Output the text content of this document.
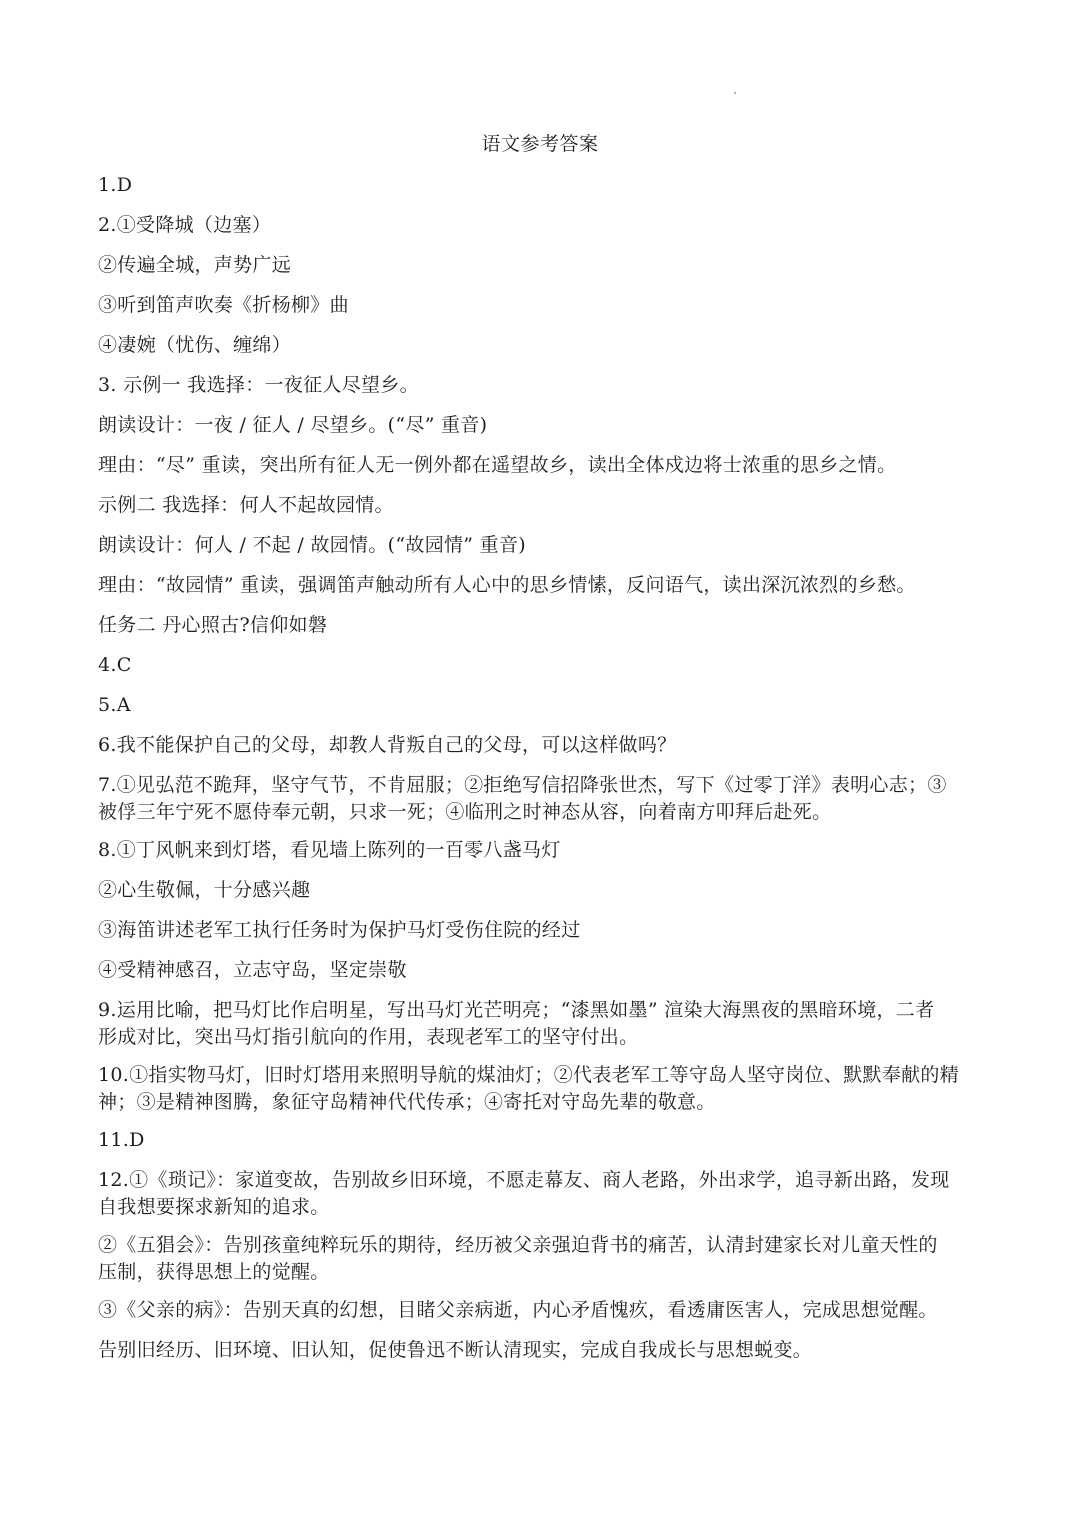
语文参考答案
1.D
2.①受降城（边塞）
②传遍全城，声势广远
③听到笛声吹奏《折杨柳》曲
④凄婉（忧伤、缠绵）
3. 示例一 我选择：一夜征人尽望乡。
朗读设计：一夜 / 征人 / 尽望乡。(“尽” 重音)
理由：“尽” 重读，突出所有征人无一例外都在遥望故乡，读出全体戍边将士浓重的思乡之情。
示例二 我选择：何人不起故园情。
朗读设计：何人 / 不起 / 故园情。(“故园情” 重音)
理由：“故园情” 重读，强调笛声触动所有人心中的思乡情愫，反问语气，读出深沉浓烈的乡愁。
任务二 丹心照古?信仰如磐
4.C
5.A
6.我不能保护自己的父母，却教人背叛自己的父母，可以这样做吗？
7.①见弘范不跪拜，坚守气节，不肯屈服；②拒绝写信招降张世杰，写下《过零丁洋》表明心志；③
被俘三年宁死不愿侍奉元朝，只求一死；④临刑之时神态从容，向着南方叩拜后赴死。
8.①丁风帆来到灯塔，看见墙上陈列的一百零八盏马灯
②心生敬佩，十分感兴趣
③海笛讲述老军工执行任务时为保护马灯受伤住院的经过
④受精神感召，立志守岛，坚定崇敬
9.运用比喻，把马灯比作启明星，写出马灯光芒明亮；“漆黑如墨” 渲染大海黑夜的黑暗环境，二者
形成对比，突出马灯指引航向的作用，表现老军工的坚守付出。
10.①指实物马灯，旧时灯塔用来照明导航的煤油灯；②代表老军工等守岛人坚守岗位、默默奉献的精
神；③是精神图腾，象征守岛精神代代传承；④寄托对守岛先辈的敬意。
11.D
12.①《琐记》：家道变故，告别故乡旧环境，不愿走幕友、商人老路，外出求学，追寻新出路，发现
自我想要探求新知的追求。
②《五猖会》：告别孩童纯粹玩乐的期待，经历被父亲强迫背书的痛苦，认清封建家长对儿童天性的
压制，获得思想上的觉醒。
③《父亲的病》：告别天真的幻想，目睹父亲病逝，内心矛盾愧疚，看透庸医害人，完成思想觉醒。
告别旧经历、旧环境、旧认知，促使鲁迅不断认清现实，完成自我成长与思想蜕变。
